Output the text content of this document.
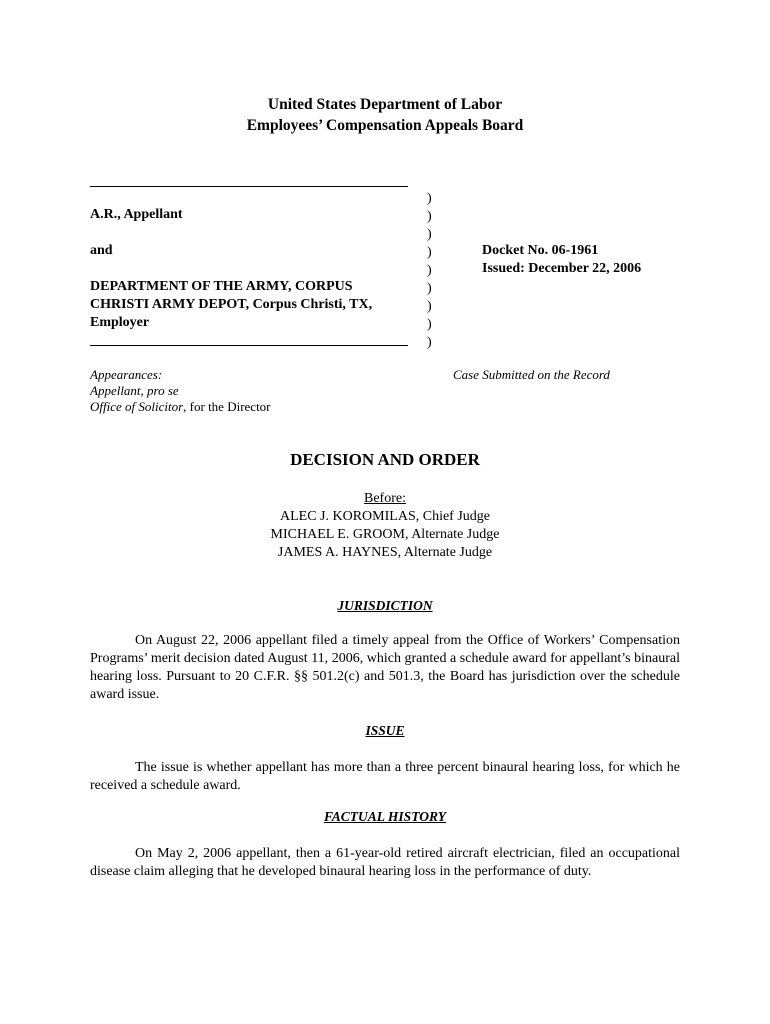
United States Department of Labor
Employees’ Compensation Appeals Board
A.R., Appellant
and
DEPARTMENT OF THE ARMY, CORPUS
CHRISTI ARMY DEPOT, Corpus Christi, TX,
Employer
)
)
)
)
)
)
)
)
)
Docket No. 06-1961
Issued: December 22, 2006
Appearances:
Appellant, pro se
Office of Solicitor, for the Director
Case Submitted on the Record
DECISION AND ORDER
Before:
ALEC J. KOROMILAS, Chief Judge
MICHAEL E. GROOM, Alternate Judge
JAMES A. HAYNES, Alternate Judge
JURISDICTION
On August 22, 2006 appellant filed a timely appeal from the Office of Workers’ Compensation Programs’ merit decision dated August 11, 2006, which granted a schedule award for appellant’s binaural hearing loss. Pursuant to 20 C.F.R. §§ 501.2(c) and 501.3, the Board has jurisdiction over the schedule award issue.
ISSUE
The issue is whether appellant has more than a three percent binaural hearing loss, for which he received a schedule award.
FACTUAL HISTORY
On May 2, 2006 appellant, then a 61-year-old retired aircraft electrician, filed an occupational disease claim alleging that he developed binaural hearing loss in the performance of duty.
